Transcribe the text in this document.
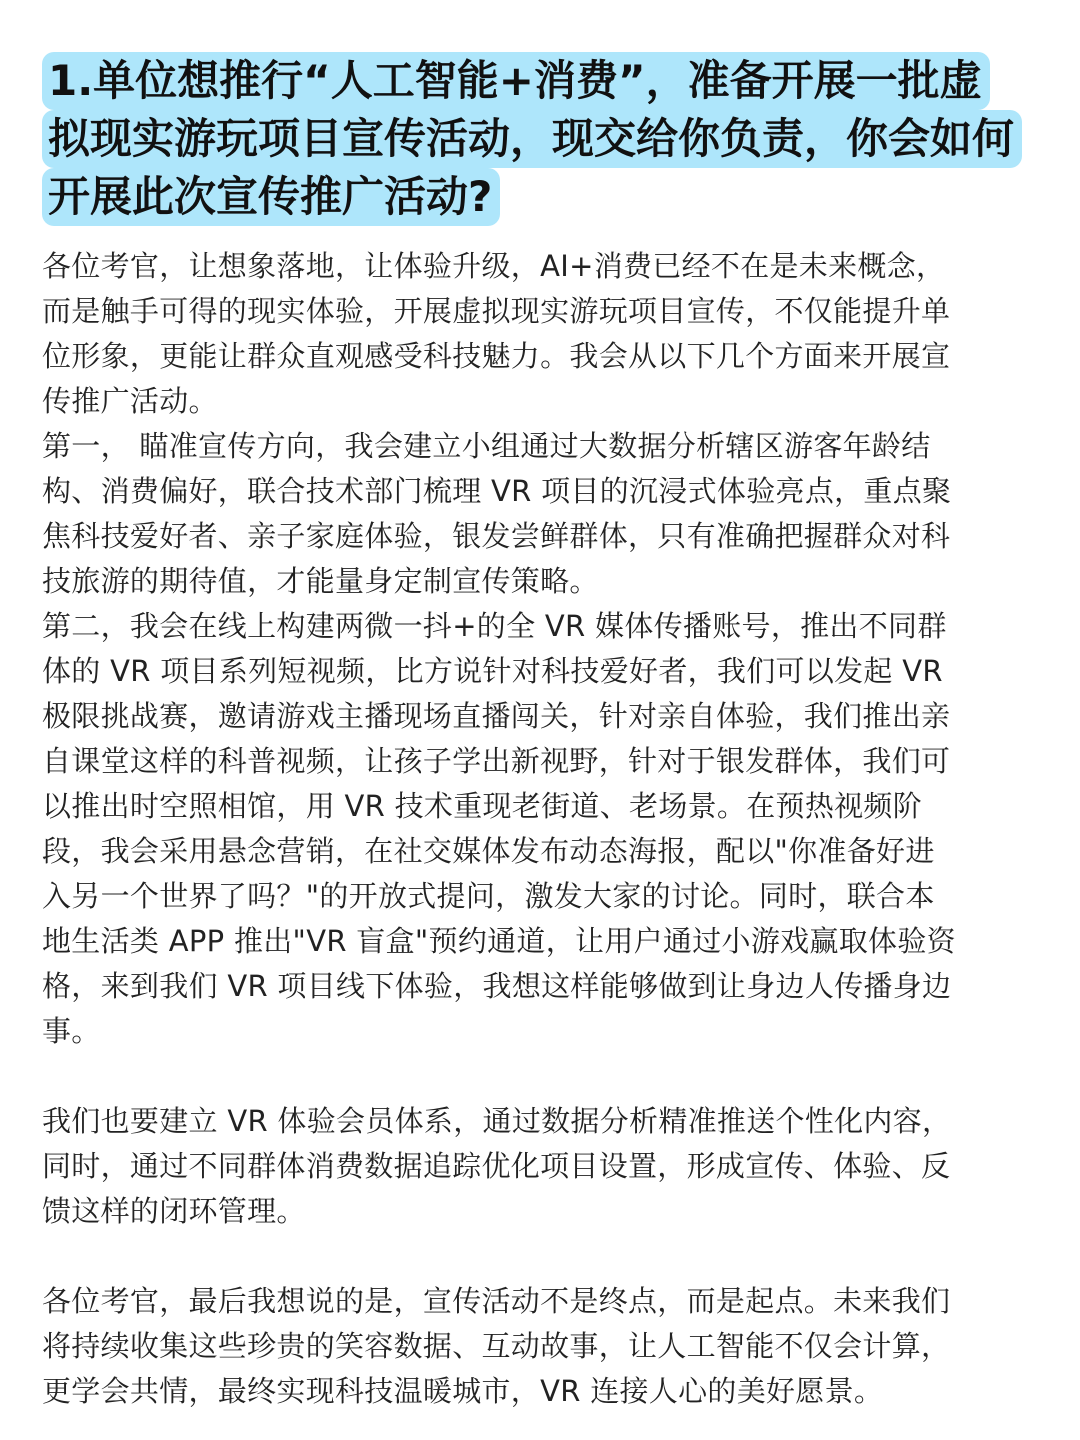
1.单位想推行“人工智能+消费”，准备开展一批虚
拟现实游玩项目宣传活动，现交给你负责，你会如何
开展此次宣传推广活动?
各位考官，让想象落地，让体验升级，AI+消费已经不在是未来概念，
而是触手可得的现实体验，开展虚拟现实游玩项目宣传，不仅能提升单
位形象，更能让群众直观感受科技魅力。我会从以下几个方面来开展宣
传推广活动。
第一， 瞄准宣传方向，我会建立小组通过大数据分析辖区游客年龄结
构、消费偏好，联合技术部门梳理 VR 项目的沉浸式体验亮点，重点聚
焦科技爱好者、亲子家庭体验，银发尝鲜群体，只有准确把握群众对科
技旅游的期待值，才能量身定制宣传策略。
第二，我会在线上构建两微一抖+的全 VR 媒体传播账号，推出不同群
体的 VR 项目系列短视频，比方说针对科技爱好者，我们可以发起 VR
极限挑战赛，邀请游戏主播现场直播闯关，针对亲自体验，我们推出亲
自课堂这样的科普视频，让孩子学出新视野，针对于银发群体，我们可
以推出时空照相馆，用 VR 技术重现老街道、老场景。在预热视频阶
段，我会采用悬念营销，在社交媒体发布动态海报，配以"你准备好进
入另一个世界了吗？"的开放式提问，激发大家的讨论。同时，联合本
地生活类 APP 推出"VR 盲盒"预约通道，让用户通过小游戏赢取体验资
格，来到我们 VR 项目线下体验，我想这样能够做到让身边人传播身边
事。
我们也要建立 VR 体验会员体系，通过数据分析精准推送个性化内容，
同时，通过不同群体消费数据追踪优化项目设置，形成宣传、体验、反
馈这样的闭环管理。
各位考官，最后我想说的是，宣传活动不是终点，而是起点。未来我们
将持续收集这些珍贵的笑容数据、互动故事，让人工智能不仅会计算，
更学会共情，最终实现科技温暖城市，VR 连接人心的美好愿景。
